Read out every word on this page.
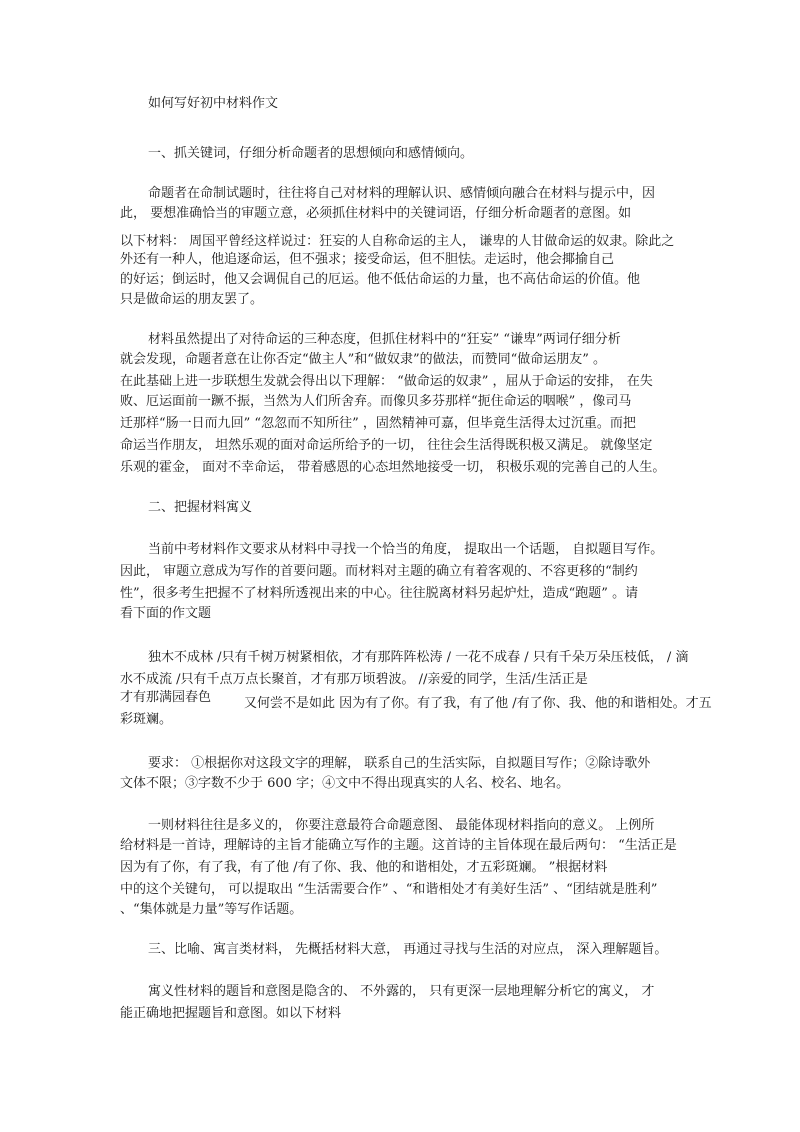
如何写好初中材料作文
一、抓关键词，仔细分析命题者的思想倾向和感情倾向。
命题者在命制试题时，往往将自己对材料的理解认识、感情倾向融合在材料与提示中，因
此， 要想准确恰当的审题立意，必须抓住材料中的关键词语，仔细分析命题者的意图。如
以下材料： 周国平曾经这样说过：狂妄的人自称命运的主人， 谦卑的人甘做命运的奴隶。除此之
外还有一种人，他追逐命运，但不强求；接受命运，但不胆怯。走运时，他会揶揄自己
的好运；倒运时，他又会调侃自己的厄运。他不低估命运的力量，也不高估命运的价值。他
只是做命运的朋友罢了。
材料虽然提出了对待命运的三种态度，但抓住材料中的“狂妄” “谦卑”两词仔细分析
就会发现，命题者意在让你否定“做主人”和“做奴隶”的做法，而赞同“做命运朋友” 。
在此基础上进一步联想生发就会得出以下理解： “做命运的奴隶” ，屈从于命运的安排， 在失
败、厄运面前一蹶不振，当然为人们所舍弃。而像贝多芬那样“扼住命运的咽喉” ，像司马
迁那样“肠一日而九回” “忽忽而不知所往” ，固然精神可嘉，但毕竟生活得太过沉重。而把
命运当作朋友， 坦然乐观的面对命运所给予的一切， 往往会生活得既积极又满足。 就像坚定
乐观的霍金， 面对不幸命运， 带着感恩的心态坦然地接受一切， 积极乐观的完善自己的人生。
二、把握材料寓义
当前中考材料作文要求从材料中寻找一个恰当的角度， 提取出一个话题， 自拟题目写作。
因此， 审题立意成为写作的首要问题。而材料对主题的确立有着客观的、不容更移的“制约
性”，很多考生把握不了材料所透视出来的中心。往往脱离材料另起炉灶，造成“跑题” 。请
看下面的作文题
独木不成林 /只有千树万树紧相依，才有那阵阵松涛 / 一花不成春 / 只有千朵万朵压枝低， / 滴
水不成流 /只有千点万点长聚首，才有那万顷碧波。 //亲爱的同学，生活/生活正是
才有那满园春色	又何尝不是如此 因为有了你。有了我，有了他 /有了你、我、他的和谐相处。才五
彩斑斓。
要求： ①根据你对这段文字的理解， 联系自己的生活实际，自拟题目写作；②除诗歌外
文体不限；③字数不少于 600 字；④文中不得出现真实的人名、校名、地名。
一则材料往往是多义的， 你要注意最符合命题意图、 最能体现材料指向的意义。 上例所
给材料是一首诗，理解诗的主旨才能确立写作的主题。这首诗的主旨体现在最后两句： “生活正是
因为有了你，有了我，有了他 /有了你、我、他的和谐相处，才五彩斑斓。 ”根据材料
中的这个关键句， 可以提取出 “生活需要合作” 、“和谐相处才有美好生活” 、“团结就是胜利”
、“集体就是力量”等写作话题。
三、比喻、寓言类材料， 先概括材料大意， 再通过寻找与生活的对应点， 深入理解题旨。
寓义性材料的题旨和意图是隐含的、 不外露的， 只有更深一层地理解分析它的寓义， 才
能正确地把握题旨和意图。如以下材料
